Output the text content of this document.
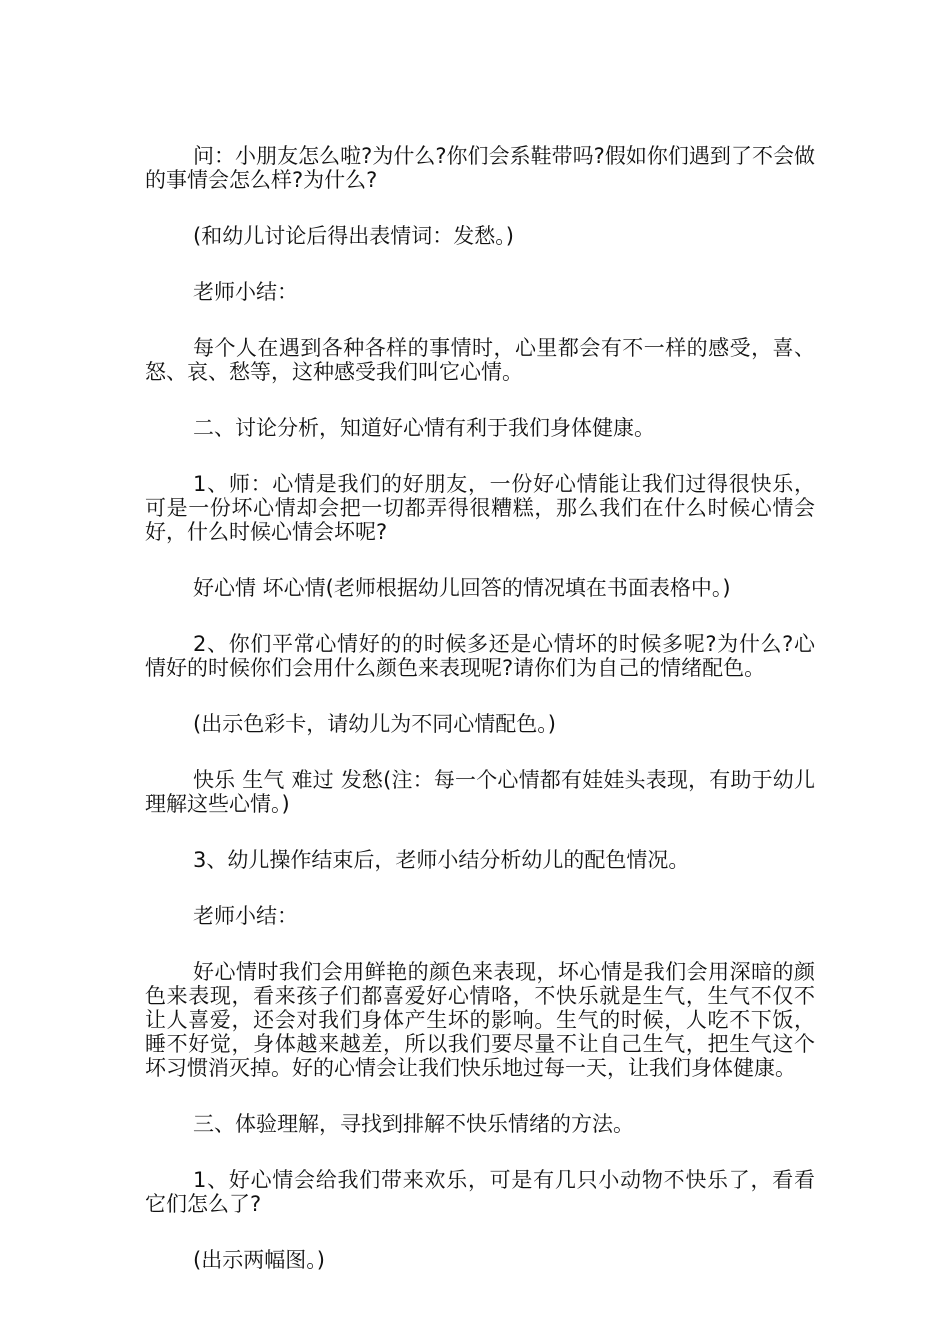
问：小朋友怎么啦?为什么?你们会系鞋带吗?假如你们遇到了不会做的事情会怎么样?为什么?

(和幼儿讨论后得出表情词：发愁。)

老师小结：

每个人在遇到各种各样的事情时，心里都会有不一样的感受，喜、怒、哀、愁等，这种感受我们叫它心情。

二、讨论分析，知道好心情有利于我们身体健康。

1、师：心情是我们的好朋友，一份好心情能让我们过得很快乐，可是一份坏心情却会把一切都弄得很糟糕，那么我们在什么时候心情会好，什么时候心情会坏呢?

好心情 坏心情(老师根据幼儿回答的情况填在书面表格中。)

2、你们平常心情好的的时候多还是心情坏的时候多呢?为什么?心情好的时候你们会用什么颜色来表现呢?请你们为自己的情绪配色。

(出示色彩卡，请幼儿为不同心情配色。)

快乐 生气 难过 发愁(注：每一个心情都有娃娃头表现，有助于幼儿理解这些心情。)

3、幼儿操作结束后，老师小结分析幼儿的配色情况。

老师小结：

好心情时我们会用鲜艳的颜色来表现，坏心情是我们会用深暗的颜色来表现，看来孩子们都喜爱好心情咯，不快乐就是生气，生气不仅不让人喜爱，还会对我们身体产生坏的影响。生气的时候，人吃不下饭，睡不好觉，身体越来越差，所以我们要尽量不让自己生气，把生气这个坏习惯消灭掉。好的心情会让我们快乐地过每一天，让我们身体健康。

三、体验理解，寻找到排解不快乐情绪的方法。

1、好心情会给我们带来欢乐，可是有几只小动物不快乐了，看看它们怎么了?

(出示两幅图。)
